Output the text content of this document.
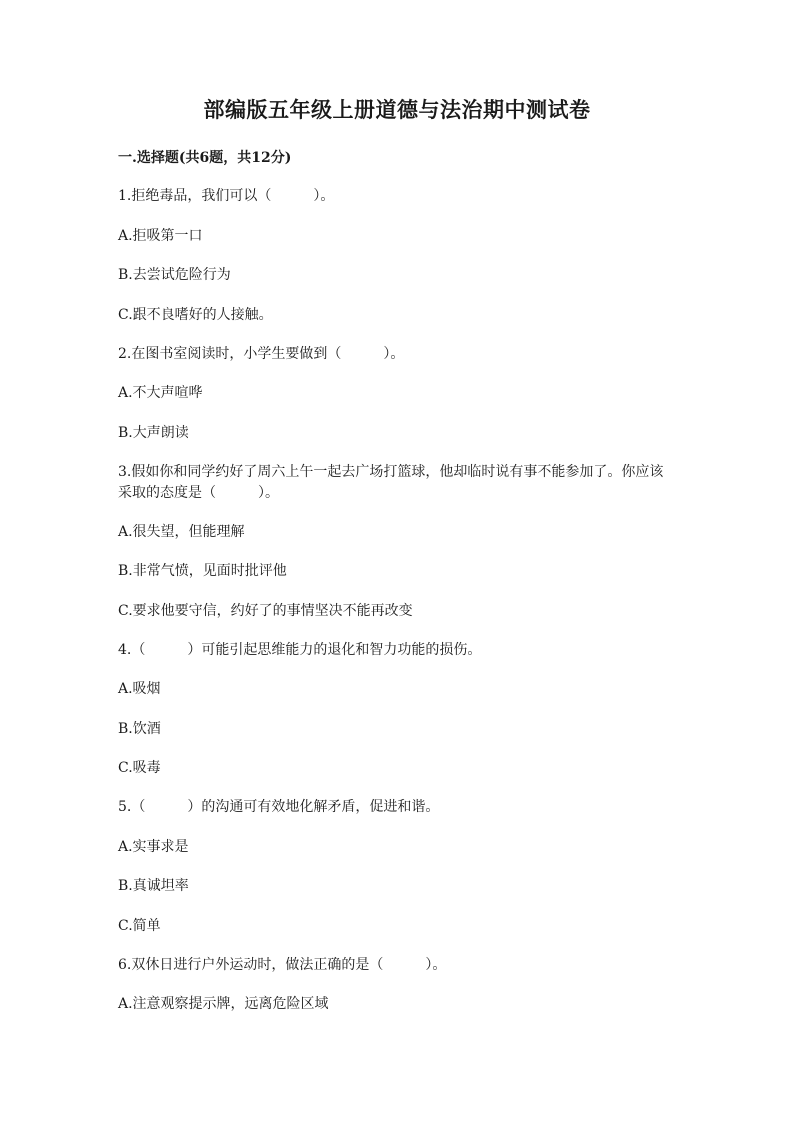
部编版五年级上册道德与法治期中测试卷
一.选择题(共6题，共12分)
1.拒绝毒品，我们可以（　　　）。
A.拒吸第一口
B.去尝试危险行为
C.跟不良嗜好的人接触。
2.在图书室阅读时，小学生要做到（　　　）。
A.不大声喧哗
B.大声朗读
3.假如你和同学约好了周六上午一起去广场打篮球，他却临时说有事不能参加了。你应该采取的态度是（　　　）。
A.很失望，但能理解
B.非常气愤，见面时批评他
C.要求他要守信，约好了的事情坚决不能再改变
4.（　　　）可能引起思维能力的退化和智力功能的损伤。
A.吸烟
B.饮酒
C.吸毒
5.（　　　）的沟通可有效地化解矛盾，促进和谐。
A.实事求是
B.真诚坦率
C.简单
6.双休日进行户外运动时，做法正确的是（　　　）。
A.注意观察提示牌，远离危险区域
